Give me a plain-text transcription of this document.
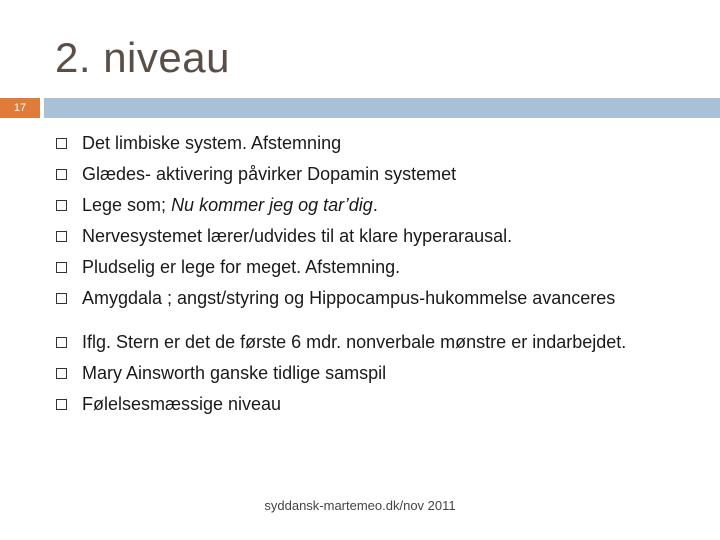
2. niveau
17
Det limbiske system. Afstemning
Glædes- aktivering påvirker Dopamin systemet
Lege som; Nu kommer jeg og tar’dig.
Nervesystemet lærer/udvides til at klare hyperarausal.
Pludselig er lege for meget. Afstemning.
Amygdala ; angst/styring og Hippocampus-hukommelse avanceres
Iflg. Stern er det de første 6 mdr. nonverbale mønstre er indarbejdet.
Mary Ainsworth ganske tidlige samspil
Følelsesmæssige niveau
syddansk-martemeo.dk/nov 2011
